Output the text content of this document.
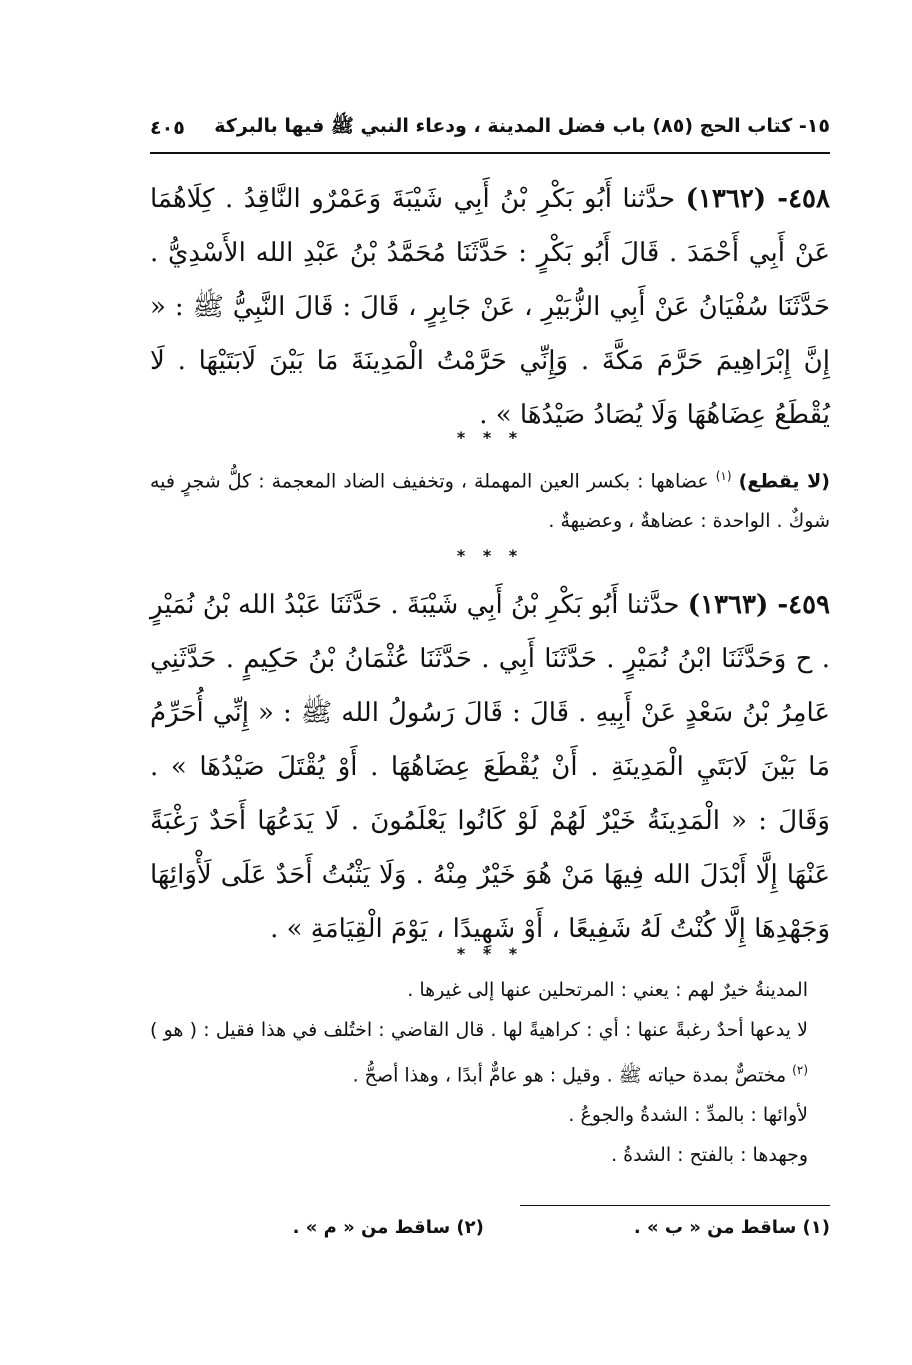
١٥- كتاب الحج (٨٥) باب فضل المدينة ، ودعاء النبي ﷺ فيها بالبركة
٤٠٥
٤٥٨- (١٣٦٢) حدَّثنا أَبُو بَكْرِ بْنُ أَبِي شَيْبَةَ وَعَمْرٌو النَّاقِدُ . كِلَاهُمَا عَنْ أَبِي أَحْمَدَ . قَالَ أَبُو بَكْرٍ : حَدَّثَنَا مُحَمَّدُ بْنُ عَبْدِ الله الأَسْدِيُّ . حَدَّثَنَا سُفْيَانُ عَنْ أَبِي الزُّبَيْرِ ، عَنْ جَابِرٍ ، قَالَ : قَالَ النَّبِيُّ ﷺ : « إِنَّ إِبْرَاهِيمَ حَرَّمَ مَكَّةَ . وَإِنِّي حَرَّمْتُ الْمَدِينَةَ مَا بَيْنَ لَابَتَيْهَا . لَا يُقْطَعُ عِضَاهُهَا وَلَا يُصَادُ صَيْدُهَا » .
* * *
(لا يقطع) $^{(١)}$ عضاهها : بكسر العين المهملة ، وتخفيف الضاد المعجمة : كلُّ شجرٍ فيه شوكٌ . الواحدة : عضاهةٌ ، وعضيهةٌ .
* * *
٤٥٩- (١٣٦٣) حدَّثنا أَبُو بَكْرِ بْنُ أَبِي شَيْبَةَ . حَدَّثَنَا عَبْدُ الله بْنُ نُمَيْرٍ . ح وَحَدَّثَنَا ابْنُ نُمَيْرٍ . حَدَّثَنَا أَبِي . حَدَّثَنَا عُثْمَانُ بْنُ حَكِيمٍ . حَدَّثَنِي عَامِرُ بْنُ سَعْدٍ عَنْ أَبِيهِ . قَالَ : قَالَ رَسُولُ الله ﷺ : « إِنِّي أُحَرِّمُ مَا بَيْنَ لَابَتَيِ الْمَدِينَةِ . أَنْ يُقْطَعَ عِضَاهُهَا . أَوْ يُقْتَلَ صَيْدُهَا » . وَقَالَ : « الْمَدِينَةُ خَيْرٌ لَهُمْ لَوْ كَانُوا يَعْلَمُونَ . لَا يَدَعُهَا أَحَدٌ رَغْبَةً عَنْهَا إِلَّا أَبْدَلَ الله فِيهَا مَنْ هُوَ خَيْرٌ مِنْهُ . وَلَا يَثْبُتُ أَحَدٌ عَلَى لَأْوَائِهَا وَجَهْدِهَا إِلَّا كُنْتُ لَهُ شَفِيعًا ، أَوْ شَهِيدًا ، يَوْمَ الْقِيَامَةِ » .
* * *

المدينةُ خيرٌ لهم : يعني : المرتحلين عنها إلى غيرها .

لا يدعها أحدٌ رغبةً عنها : أي : كراهيةً لها . قال القاضي : اختُلف في هذا فقيل : ( هو ) $^{(٢)}$ مختصٌّ بمدة حياته ﷺ . وقيل : هو عامٌّ أبدًا ، وهذا أصحُّ .

لأوائها : بالمدِّ : الشدةُ والجوعُ .

وجهدها : بالفتح : الشدةُ .

(١) ساقط من « ب » .
(٢) ساقط من « م » .
